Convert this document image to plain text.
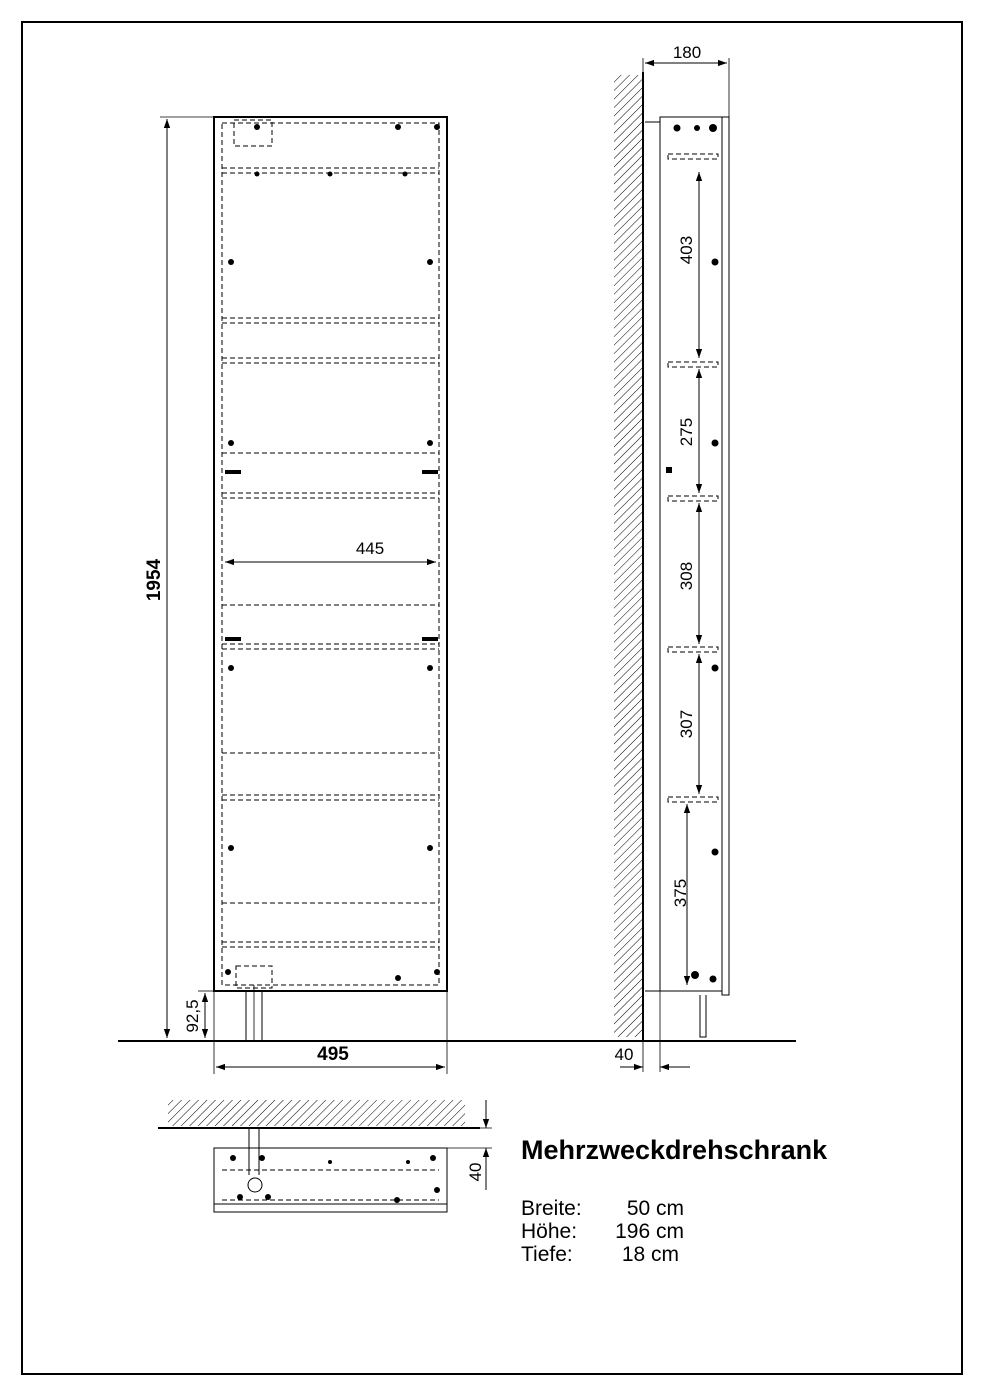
1954
92,5
445
495
180
403
275
308
307
375
40
40
Mehrzweckdrehschrank
Breite: 50 cm
Höhe: 196 cm
Tiefe: 18 cm
